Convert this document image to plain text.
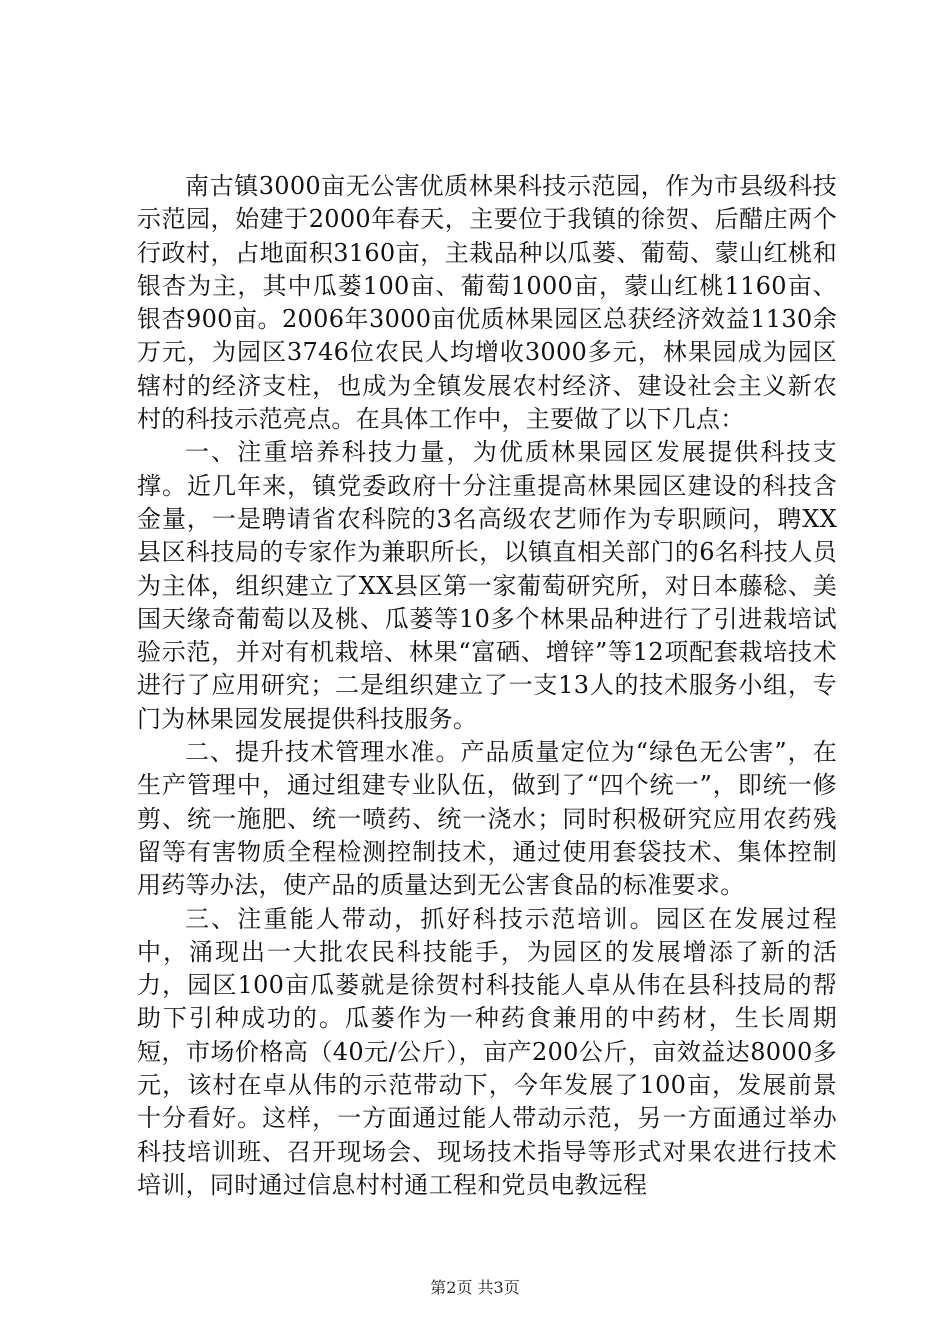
南古镇3000亩无公害优质林果科技示范园，作为市县级科技示范园，始建于2000年春天，主要位于我镇的徐贺、后醋庄两个行政村，占地面积3160亩，主栽品种以瓜蒌、葡萄、蒙山红桃和银杏为主，其中瓜蒌100亩、葡萄1000亩，蒙山红桃1160亩、银杏900亩。2006年3000亩优质林果园区总获经济效益1130余万元，为园区3746位农民人均增收3000多元，林果园成为园区辖村的经济支柱，也成为全镇发展农村经济、建设社会主义新农村的科技示范亮点。在具体工作中，主要做了以下几点：

一、注重培养科技力量，为优质林果园区发展提供科技支撑。近几年来，镇党委政府十分注重提高林果园区建设的科技含金量，一是聘请省农科院的3名高级农艺师作为专职顾问，聘XX县区科技局的专家作为兼职所长，以镇直相关部门的6名科技人员为主体，组织建立了XX县区第一家葡萄研究所，对日本藤稔、美国天缘奇葡萄以及桃、瓜蒌等10多个林果品种进行了引进栽培试验示范，并对有机栽培、林果“富硒、增锌”等12项配套栽培技术进行了应用研究；二是组织建立了一支13人的技术服务小组，专门为林果园发展提供科技服务。

二、提升技术管理水准。产品质量定位为“绿色无公害”，在生产管理中，通过组建专业队伍，做到了“四个统一”，即统一修剪、统一施肥、统一喷药、统一浇水；同时积极研究应用农药残留等有害物质全程检测控制技术，通过使用套袋技术、集体控制用药等办法，使产品的质量达到无公害食品的标准要求。

三、注重能人带动，抓好科技示范培训。园区在发展过程中，涌现出一大批农民科技能手，为园区的发展增添了新的活力，园区100亩瓜蒌就是徐贺村科技能人卓从伟在县科技局的帮助下引种成功的。瓜蒌作为一种药食兼用的中药材，生长周期短，市场价格高（40元/公斤），亩产200公斤，亩效益达8000多元，该村在卓从伟的示范带动下，今年发展了100亩，发展前景十分看好。这样，一方面通过能人带动示范，另一方面通过举办科技培训班、召开现场会、现场技术指导等形式对果农进行技术培训，同时通过信息村村通工程和党员电教远程

第2页 共3页
